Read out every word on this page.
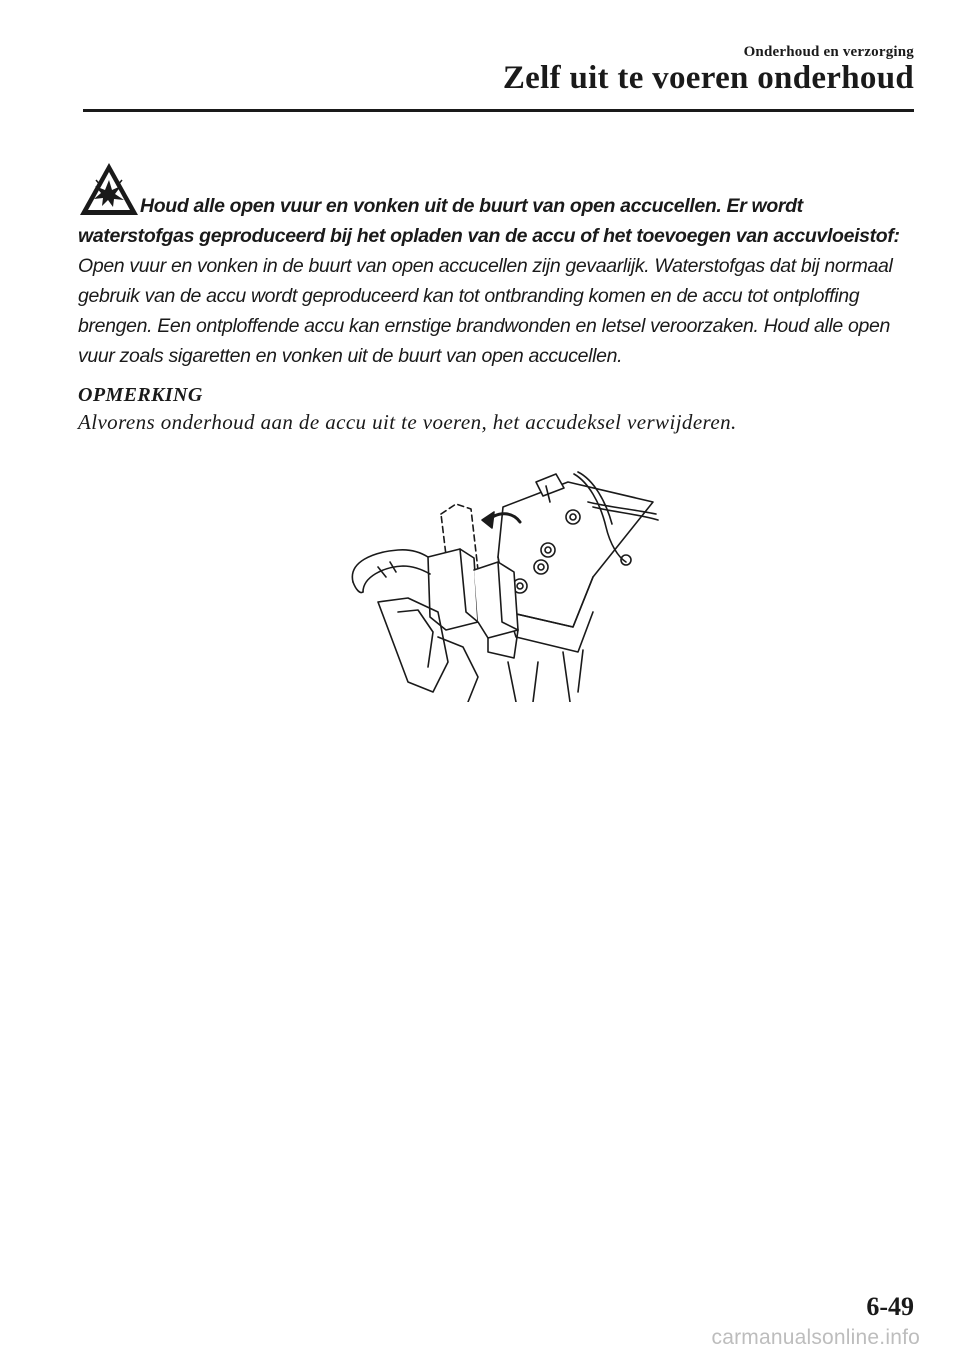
Onderhoud en verzorging
Zelf uit te voeren onderhoud
Houd alle open vuur en vonken uit de buurt van open accucellen. Er wordt waterstofgas geproduceerd bij het opladen van de accu of het toevoegen van accuvloeistof: Open vuur en vonken in de buurt van open accucellen zijn gevaarlijk. Waterstofgas dat bij normaal gebruik van de accu wordt geproduceerd kan tot ontbranding komen en de accu tot ontploffing brengen. Een ontploffende accu kan ernstige brandwonden en letsel veroorzaken. Houd alle open vuur zoals sigaretten en vonken uit de buurt van open accucellen.
OPMERKING
Alvorens onderhoud aan de accu uit te voeren, het accudeksel verwijderen.
6-49
carmanualsonline.info
